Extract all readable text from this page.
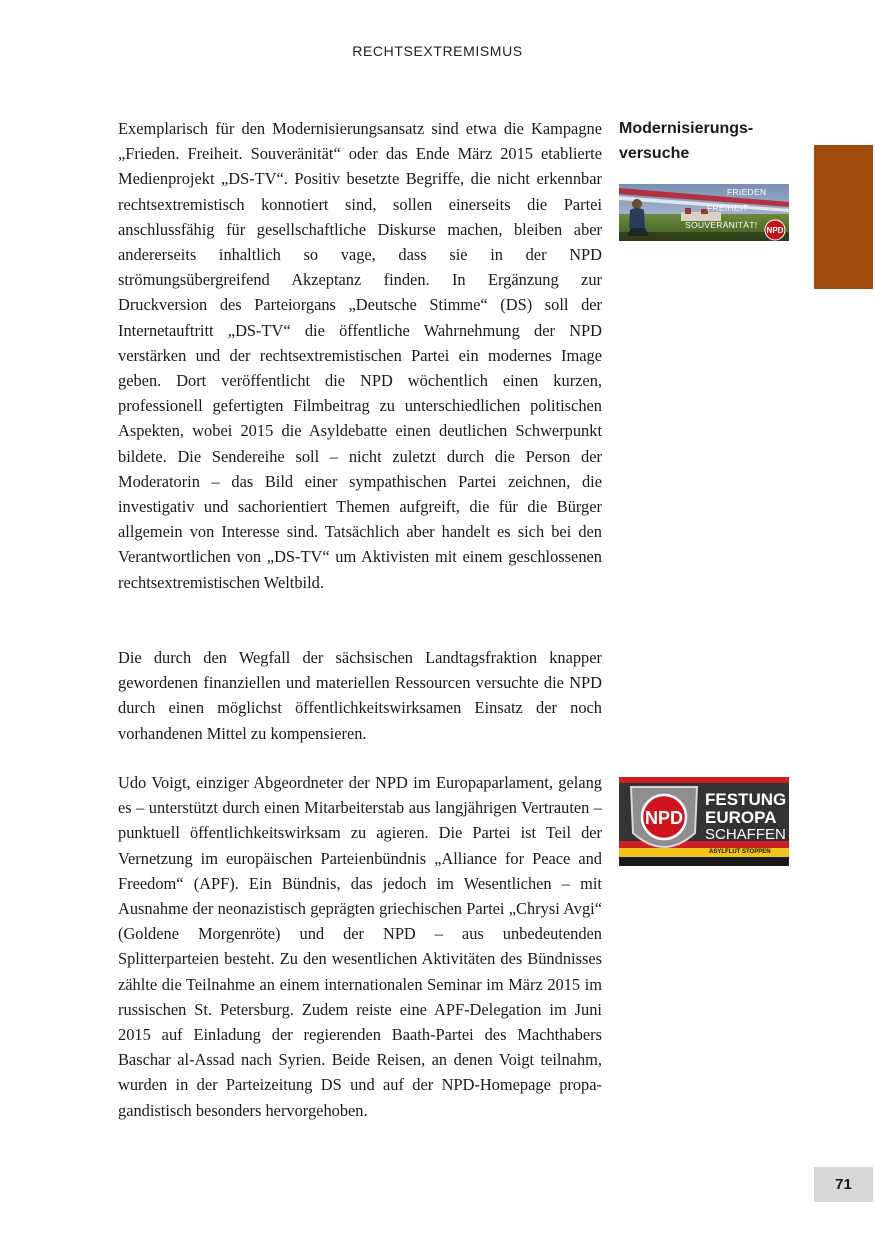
RECHTSEXTREMISMUS
Modernisierungs-
versuche
FRIEDEN
FREIHEIT
SOUVERÄNITÄT!
NPD
NPD
FESTUNG
EUROPA
SCHAFFEN
ASYLFLUT STOPPEN

Exemplarisch für den Modernisierungsansatz sind etwa die Kampagne „Frieden. Freiheit. Souveränität“ oder das Ende März 2015 etablierte Medienprojekt „DS-TV“. Positiv besetzte Begriffe, die nicht erkennbar rechtsextremistisch konnotiert sind, sollen einerseits die Partei anschlussfähig für gesellschaftliche Diskurse machen, bleiben aber andererseits inhaltlich so vage, dass sie in der NPD strömungsübergreifend Akzeptanz finden. In Ergänzung zur Druckversion des Parteiorgans „Deutsche Stimme“ (DS) soll der Internetauftritt „DS-TV“ die öffentliche Wahrnehmung der NPD verstärken und der rechtsextremistischen Partei ein modernes Image geben. Dort veröffentlicht die NPD wöchentlich einen kurzen, professionell gefertigten Filmbeitrag zu unterschiedlichen politischen Aspekten, wobei 2015 die Asyldebatte einen deutlichen Schwerpunkt bildete. Die Sendereihe soll – nicht zuletzt durch die Person der Moderatorin – das Bild einer sympathischen Partei zeichnen, die investigativ und sachorientiert Themen aufgreift, die für die Bürger allgemein von Interesse sind. Tatsächlich aber handelt es sich bei den Verantwortlichen von „DS-TV“ um Aktivisten mit einem geschlossenen rechtsextremistischen Weltbild.

Die durch den Wegfall der sächsischen Landtagsfraktion knapper gewordenen finanziellen und materiellen Ressourcen versuchte die NPD durch einen möglichst öffentlichkeitswirksamen Einsatz der noch vorhandenen Mittel zu kompensieren.

Udo Voigt, einziger Abgeordneter der NPD im Europaparlament, gelang es – unterstützt durch einen Mitarbeiterstab aus langjährigen Vertrauten – punktuell öffentlichkeitswirksam zu agieren. Die Partei ist Teil der Vernetzung im europäischen Parteienbündnis „Alliance for Peace and Freedom“ (APF). Ein Bündnis, das jedoch im Wesentlichen – mit Ausnahme der neonazistisch geprägten griechischen Partei „Chrysi Avgi“ (Goldene Morgenröte) und der NPD – aus unbedeutenden Splitterparteien besteht. Zu den wesentlichen Aktivitäten des Bündnisses zählte die Teilnahme an einem internationalen Seminar im März 2015 im russischen St. Petersburg. Zudem reiste eine APF-Delegation im Juni 2015 auf Einladung der regierenden Baath-Partei des Machthabers Baschar al-Assad nach Syrien. Beide Reisen, an denen Voigt teilnahm, wurden in der Parteizeitung DS und auf der NPD-Homepage propagandistisch besonders hervorgehoben.

71
